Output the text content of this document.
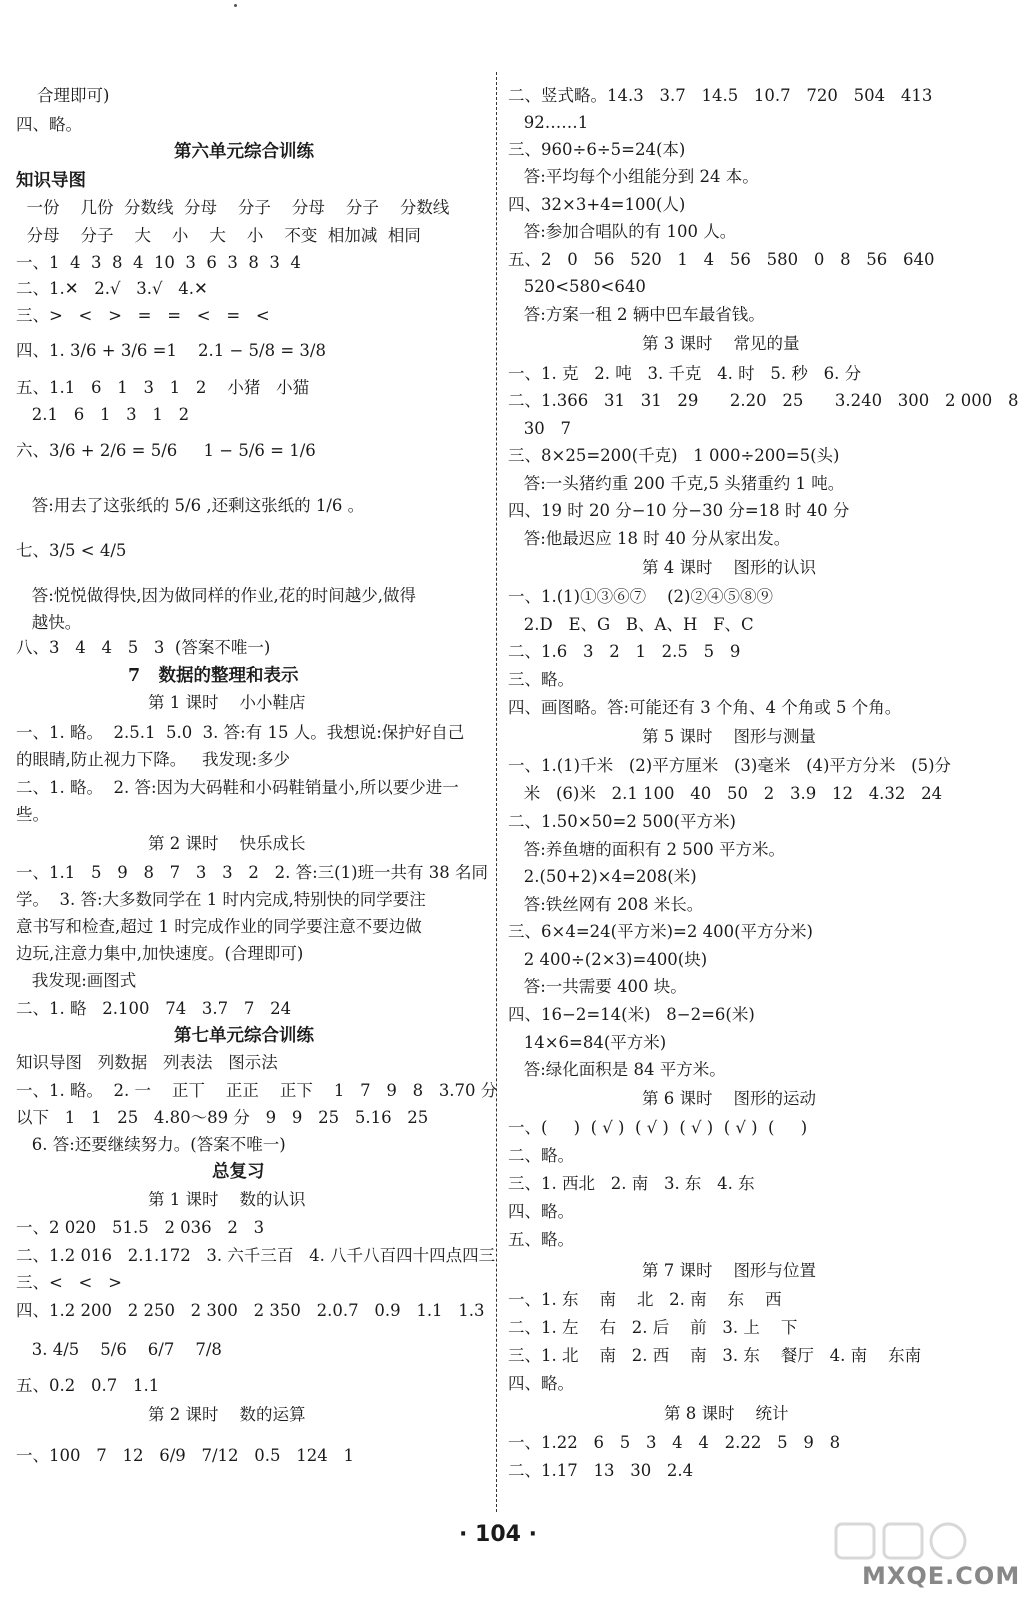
合理即可)
四、略。
第六单元综合训练
知识导图
一份    几份  分数线  分母    分子    分母    分子    分数线
分母    分子    大    小    大    小    不变  相加减  相同
一、1  4  3  8  4  10  3  6  3  8  3  4
二、1.✕   2.√   3.√   4.✕
三、>   <   >   =   =   <   =   <
四、1. 3/6 + 3/6 =1    2.1 − 5/8 = 3/8
五、1.1   6   1   3   1   2    小猪   小猫
2.1   6   1   3   1   2
六、3/6 + 2/6 = 5/6     1 − 5/6 = 1/6
答:用去了这张纸的 5/6 ,还剩这张纸的 1/6 。
七、3/5 < 4/5
答:悦悦做得快,因为做同样的作业,花的时间越少,做得
越快。
八、3   4   4   5   3  (答案不唯一)
7   数据的整理和表示
第 1 课时    小小鞋店
一、1. 略。  2.5.1  5.0  3. 答:有 15 人。我想说:保护好自己
的眼睛,防止视力下降。   我发现:多少
二、1. 略。  2. 答:因为大码鞋和小码鞋销量小,所以要少进一
些。
第 2 课时    快乐成长
一、1.1   5   9   8   7   3   3   2   2. 答:三(1)班一共有 38 名同
学。  3. 答:大多数同学在 1 时内完成,特别快的同学要注
意书写和检查,超过 1 时完成作业的同学要注意不要边做
边玩,注意力集中,加快速度。(合理即可)
我发现:画图式
二、1. 略   2.100   74   3.7   7   24
第七单元综合训练
知识导图   列数据   列表法   图示法
一、1. 略。  2. 一    正丅    正正    正下    1   7   9   8   3.70 分
以下   1   1   25   4.80～89 分   9   9   25   5.16   25
6. 答:还要继续努力。(答案不唯一)
总复习
第 1 课时    数的认识
一、2 020   51.5   2 036   2   3
二、1.2 016   2.1.172   3. 六千三百   4. 八千八百四十四点四三
三、<   <   >
四、1.2 200   2 250   2 300   2 350   2.0.7   0.9   1.1   1.3
3. 4/5    5/6    6/7    7/8
五、0.2   0.7   1.1
第 2 课时    数的运算
一、100   7   12   6/9   7/12   0.5   124   1
二、竖式略。14.3   3.7   14.5   10.7   720   504   413
92……1
三、960÷6÷5=24(本)
答:平均每个小组能分到 24 本。
四、32×3+4=100(人)
答:参加合唱队的有 100 人。
五、2   0   56   520   1   4   56   580   0   8   56   640
520<580<640
答:方案一租 2 辆中巴车最省钱。
第 3 课时    常见的量
一、1. 克   2. 吨   3. 千克   4. 时   5. 秒   6. 分
二、1.366   31   31   29      2.20   25      3.240   300   2 000   8
30   7
三、8×25=200(千克)   1 000÷200=5(头)
答:一头猪约重 200 千克,5 头猪重约 1 吨。
四、19 时 20 分−10 分−30 分=18 时 40 分
答:他最迟应 18 时 40 分从家出发。
第 4 课时    图形的认识
一、1.(1)①③⑥⑦    (2)②④⑤⑧⑨
2.D   E、G   B、A、H   F、C
二、1.6   3   2   1   2.5   5   9
三、略。
四、画图略。答:可能还有 3 个角、4 个角或 5 个角。
第 5 课时    图形与测量
一、1.(1)千米   (2)平方厘米   (3)毫米   (4)平方分米   (5)分
米   (6)米   2.1 100   40   50   2   3.9   12   4.32   24
二、1.50×50=2 500(平方米)
答:养鱼塘的面积有 2 500 平方米。
2.(50+2)×4=208(米)
答:铁丝网有 208 米长。
三、6×4=24(平方米)=2 400(平方分米)
2 400÷(2×3)=400(块)
答:一共需要 400 块。
四、16−2=14(米)   8−2=6(米)
14×6=84(平方米)
答:绿化面积是 84 平方米。
第 6 课时    图形的运动
一、(     )  ( √ )  ( √ )  ( √ )  ( √ )  (     )
二、略。
三、1. 西北   2. 南   3. 东   4. 东
四、略。
五、略。
第 7 课时    图形与位置
一、1. 东    南    北   2. 南    东    西
二、1. 左    右   2. 后    前   3. 上    下
三、1. 北    南   2. 西    南   3. 东    餐厅   4. 南    东南
四、略。
第 8 课时    统计
一、1.22   6   5   3   4   4   2.22   5   9   8
二、1.17   13   30   2.4
· 104 ·
MXQE.COM
